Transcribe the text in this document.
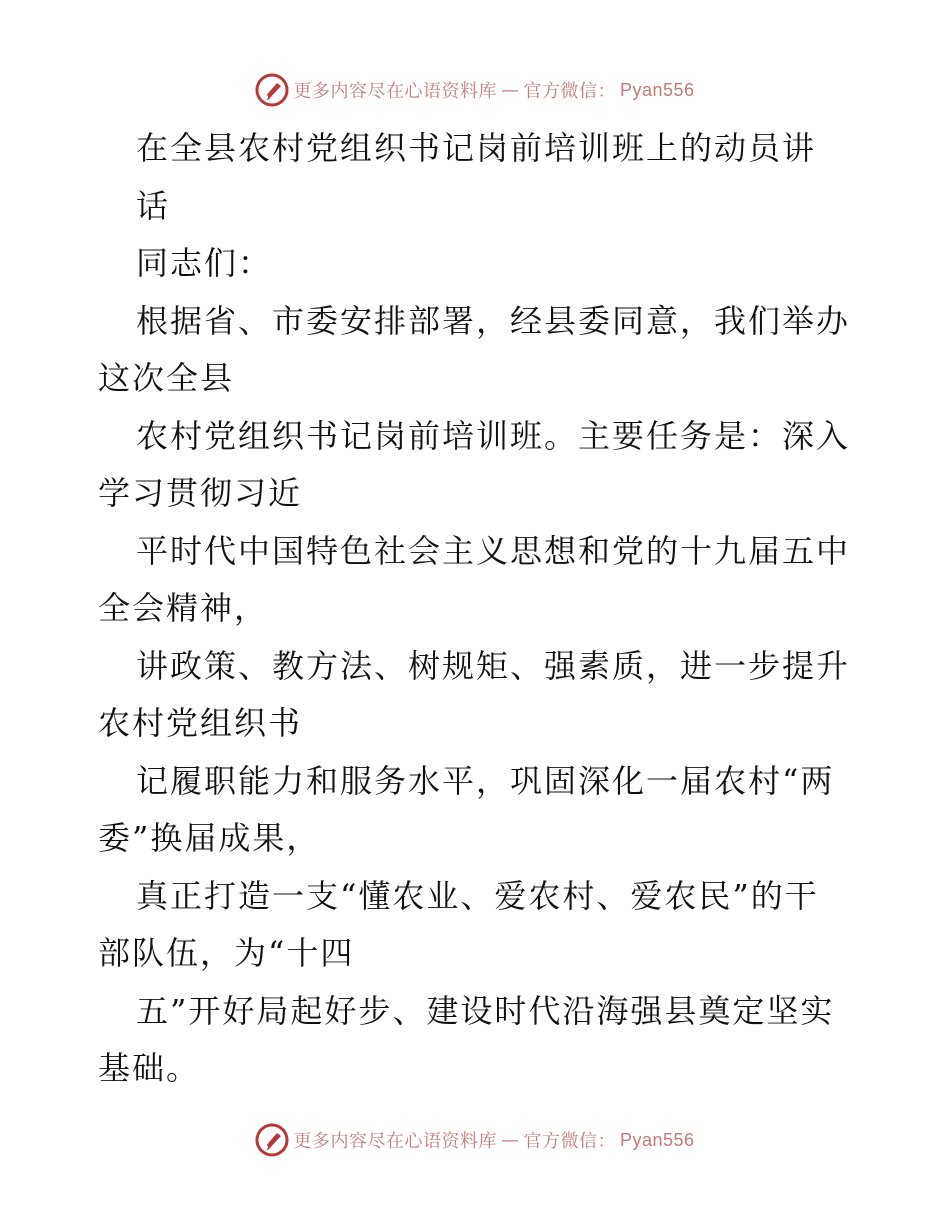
更多内容尽在心语资料库 — 官方微信： Pyan556
在全县农村党组织书记岗前培训班上的动员讲
话
同志们：
根据省、市委安排部署，经县委同意，我们举办
这次全县
农村党组织书记岗前培训班。主要任务是：深入
学习贯彻习近
平时代中国特色社会主义思想和党的十九届五中
全会精神，
讲政策、教方法、树规矩、强素质，进一步提升
农村党组织书
记履职能力和服务水平，巩固深化一届农村“两
委”换届成果，
真正打造一支“懂农业、爱农村、爱农民”的干
部队伍，为“十四
五”开好局起好步、建设时代沿海强县奠定坚实
基础。
更多内容尽在心语资料库 — 官方微信： Pyan556
